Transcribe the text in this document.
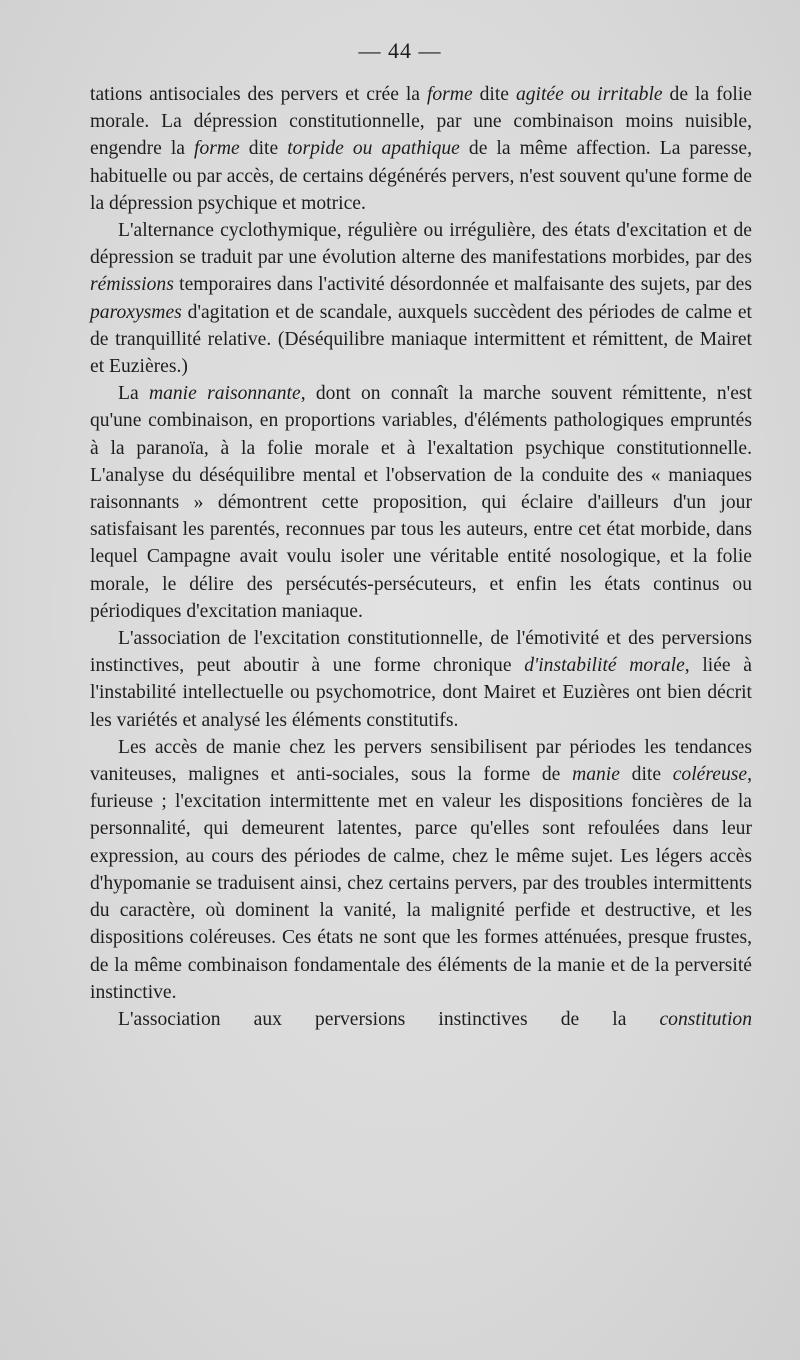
— 44 —

tations antisociales des pervers et crée la forme dite agitée ou irritable de la folie morale. La dépression constitutionnelle, par une combinaison moins nuisible, engendre la forme dite torpide ou apathique de la même affection. La paresse, habituelle ou par accès, de certains dégénérés pervers, n'est souvent qu'une forme de la dépression psychique et motrice.

L'alternance cyclothymique, régulière ou irrégulière, des états d'excitation et de dépression se traduit par une évolution alterne des manifestations morbides, par des rémissions temporaires dans l'activité désordonnée et malfaisante des sujets, par des paroxysmes d'agitation et de scandale, auxquels succèdent des périodes de calme et de tranquillité relative. (Déséquilibre maniaque intermittent et rémittent, de Mairet et Euzières.)

La manie raisonnante, dont on connaît la marche souvent rémittente, n'est qu'une combinaison, en proportions variables, d'éléments pathologiques empruntés à la paranoïa, à la folie morale et à l'exaltation psychique constitutionnelle. L'analyse du déséquilibre mental et l'observation de la conduite des « maniaques raisonnants » démontrent cette proposition, qui éclaire d'ailleurs d'un jour satisfaisant les parentés, reconnues par tous les auteurs, entre cet état morbide, dans lequel Campagne avait voulu isoler une véritable entité nosologique, et la folie morale, le délire des persécutés-persécuteurs, et enfin les états continus ou périodiques d'excitation maniaque.

L'association de l'excitation constitutionnelle, de l'émotivité et des perversions instinctives, peut aboutir à une forme chronique d'instabilité morale, liée à l'instabilité intellectuelle ou psychomotrice, dont Mairet et Euzières ont bien décrit les variétés et analysé les éléments constitutifs.

Les accès de manie chez les pervers sensibilisent par périodes les tendances vaniteuses, malignes et anti-sociales, sous la forme de manie dite coléreuse, furieuse ; l'excitation intermittente met en valeur les dispositions foncières de la personnalité, qui demeurent latentes, parce qu'elles sont refoulées dans leur expression, au cours des périodes de calme, chez le même sujet. Les légers accès d'hypomanie se traduisent ainsi, chez certains pervers, par des troubles intermittents du caractère, où dominent la vanité, la malignité perfide et destructive, et les dispositions coléreuses. Ces états ne sont que les formes atténuées, presque frustes, de la même combinaison fondamentale des éléments de la manie et de la perversité instinctive.

L'association aux perversions instinctives de la constitution
